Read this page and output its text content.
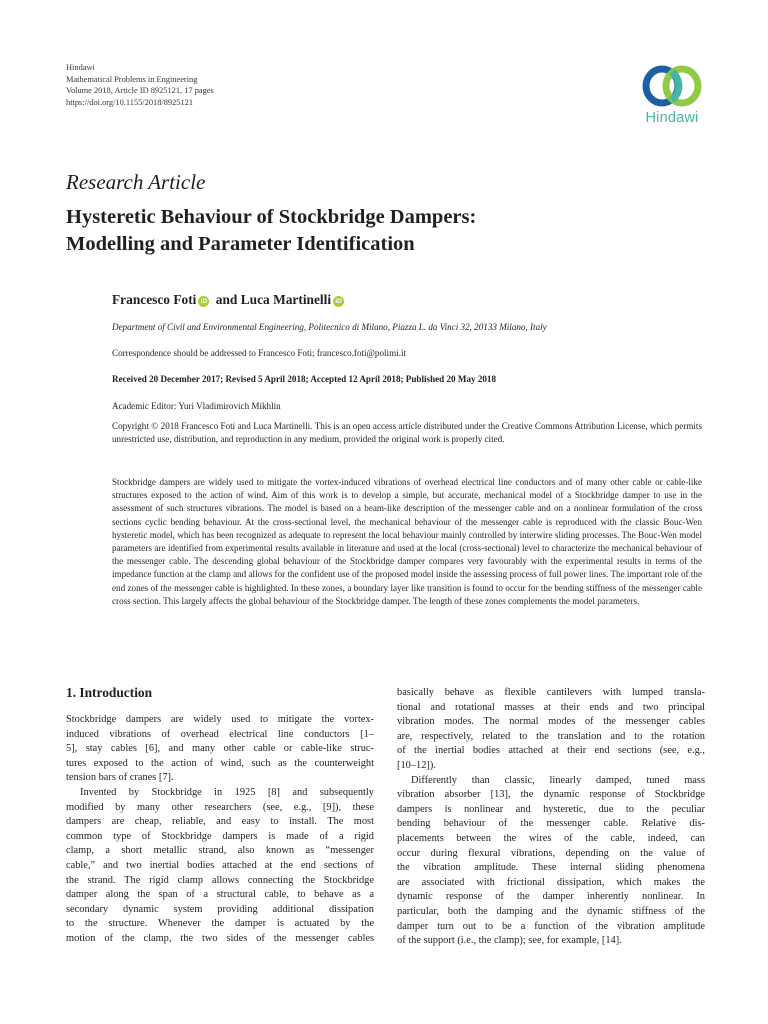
Hindawi
Mathematical Problems in Engineering
Volume 2018, Article ID 8925121, 17 pages
https://doi.org/10.1155/2018/8925121
Hindawi
Research Article
Hysteretic Behaviour of Stockbridge Dampers:
Modelling and Parameter Identification
Francesco Foti iD and Luca Martinelli iD
Department of Civil and Environmental Engineering, Politecnico di Milano, Piazza L. da Vinci 32, 20133 Milano, Italy
Correspondence should be addressed to Francesco Foti; francesco.foti@polimi.it
Received 20 December 2017; Revised 5 April 2018; Accepted 12 April 2018; Published 20 May 2018
Academic Editor: Yuri Vladimirovich Mikhlin
Copyright © 2018 Francesco Foti and Luca Martinelli. This is an open access article distributed under the Creative Commons Attribution License, which permits unrestricted use, distribution, and reproduction in any medium, provided the original work is properly cited.
Stockbridge dampers are widely used to mitigate the vortex-induced vibrations of overhead electrical line conductors and of many other cable or cable-like structures exposed to the action of wind. Aim of this work is to develop a simple, but accurate, mechanical model of a Stockbridge damper to use in the assessment of such structures vibrations. The model is based on a beam-like description of the messenger cable and on a nonlinear formulation of the cross sections cyclic bending behaviour. At the cross-sectional level, the mechanical behaviour of the messenger cable is reproduced with the classic Bouc-Wen hysteretic model, which has been recognized as adequate to represent the local behaviour mainly controlled by interwire sliding processes. The Bouc-Wen model parameters are identified from experimental results available in literature and used at the local (cross-sectional) level to characterize the mechanical behaviour of the messenger cable. The descending global behaviour of the Stockbridge damper compares very favourably with the experimental results in terms of the impedance function at the clamp and allows for the confident use of the proposed model inside the assessing process of full power lines. The important role of the end zones of the messenger cable is highlighted. In these zones, a boundary layer like transition is found to occur for the bending stiffness of the messenger cable cross section. This largely affects the global behaviour of the Stockbridge damper. The length of these zones complements the model parameters.
1. Introduction

Stockbridge dampers are widely used to mitigate the vortex-
induced vibrations of overhead electrical line conductors [1–
5], stay cables [6], and many other cable or cable-like struc-
tures exposed to the action of wind, such as the counterweight
tension bars of cranes [7].

Invented by Stockbridge in 1925 [8] and subsequently
modified by many other researchers (see, e.g., [9]), these
dampers are cheap, reliable, and easy to install. The most
common type of Stockbridge dampers is made of a rigid
clamp, a short metallic strand, also known as “messenger
cable,” and two inertial bodies attached at the end sections of
the strand. The rigid clamp allows connecting the Stockbridge
damper along the span of a structural cable, to behave as a
secondary dynamic system providing additional dissipation
to the structure. Whenever the damper is actuated by the
motion of the clamp, the two sides of the messenger cables

basically behave as flexible cantilevers with lumped transla-
tional and rotational masses at their ends and two principal
vibration modes. The normal modes of the messenger cables
are, respectively, related to the translation and to the rotation
of the inertial bodies attached at their end sections (see, e.g.,
[10–12]).

Differently than classic, linearly damped, tuned mass
vibration absorber [13], the dynamic response of Stockbridge
dampers is nonlinear and hysteretic, due to the peculiar
bending behaviour of the messenger cable. Relative dis-
placements between the wires of the cable, indeed, can
occur during flexural vibrations, depending on the value of
the vibration amplitude. These internal sliding phenomena
are associated with frictional dissipation, which makes the
dynamic response of the damper inherently nonlinear. In
particular, both the damping and the dynamic stiffness of the
damper turn out to be a function of the vibration amplitude
of the support (i.e., the clamp); see, for example, [14].
